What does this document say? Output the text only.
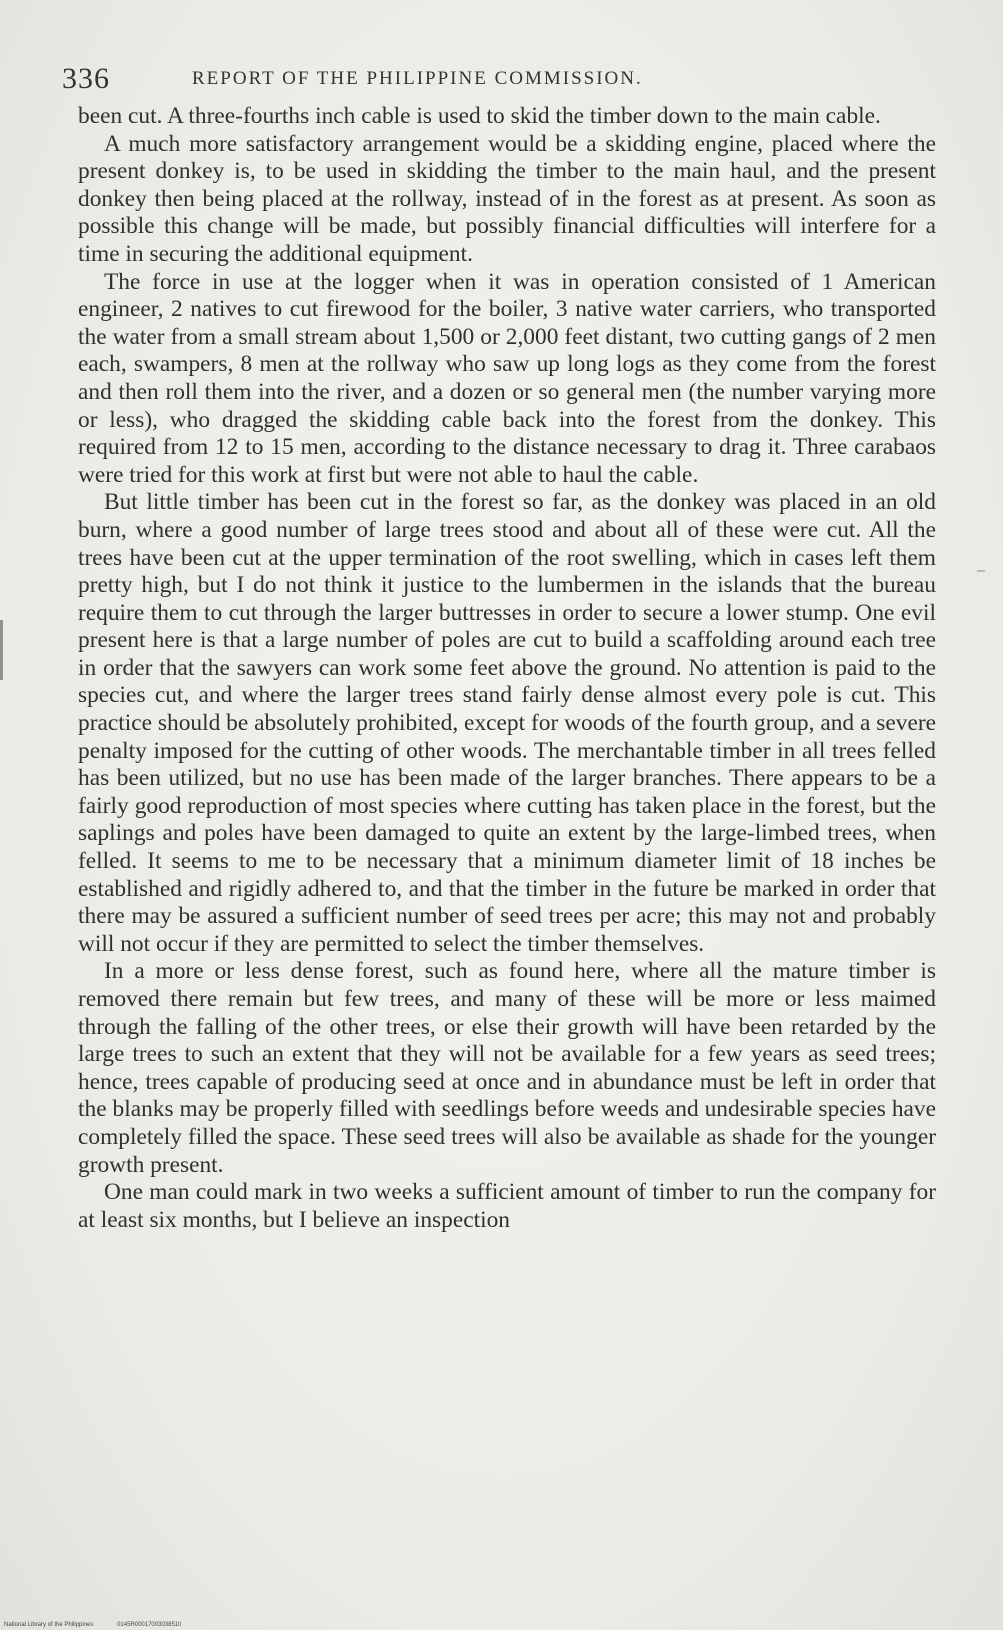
336	REPORT OF THE PHILIPPINE COMMISSION.

been cut. A three-fourths inch cable is used to skid the timber down to the main cable.

A much more satisfactory arrangement would be a skidding engine, placed where the present donkey is, to be used in skidding the timber to the main haul, and the present donkey then being placed at the rollway, instead of in the forest as at present. As soon as possible this change will be made, but possibly financial difficulties will interfere for a time in securing the additional equipment.

The force in use at the logger when it was in operation consisted of 1 American engineer, 2 natives to cut firewood for the boiler, 3 native water carriers, who transported the water from a small stream about 1,500 or 2,000 feet distant, two cutting gangs of 2 men each, swampers, 8 men at the rollway who saw up long logs as they come from the forest and then roll them into the river, and a dozen or so general men (the number varying more or less), who dragged the skidding cable back into the forest from the donkey. This required from 12 to 15 men, according to the distance necessary to drag it. Three carabaos were tried for this work at first but were not able to haul the cable.

But little timber has been cut in the forest so far, as the donkey was placed in an old burn, where a good number of large trees stood and about all of these were cut. All the trees have been cut at the upper termination of the root swelling, which in cases left them pretty high, but I do not think it justice to the lumbermen in the islands that the bureau require them to cut through the larger buttresses in order to secure a lower stump. One evil present here is that a large number of poles are cut to build a scaffolding around each tree in order that the sawyers can work some feet above the ground. No attention is paid to the species cut, and where the larger trees stand fairly dense almost every pole is cut. This practice should be absolutely prohibited, except for woods of the fourth group, and a severe penalty imposed for the cutting of other woods. The merchantable timber in all trees felled has been utilized, but no use has been made of the larger branches. There appears to be a fairly good reproduction of most species where cutting has taken place in the forest, but the saplings and poles have been damaged to quite an extent by the large-limbed trees, when felled. It seems to me to be necessary that a minimum diameter limit of 18 inches be established and rigidly adhered to, and that the timber in the future be marked in order that there may be assured a sufficient number of seed trees per acre; this may not and probably will not occur if they are permitted to select the timber themselves.

In a more or less dense forest, such as found here, where all the mature timber is removed there remain but few trees, and many of these will be more or less maimed through the falling of the other trees, or else their growth will have been retarded by the large trees to such an extent that they will not be available for a few years as seed trees; hence, trees capable of producing seed at once and in abundance must be left in order that the blanks may be properly filled with seedlings before weeds and undesirable species have completely filled the space. These seed trees will also be available as shade for the younger growth present.

One man could mark in two weeks a sufficient amount of timber to run the company for at least six months, but I believe an inspection

National Library of the Philippines	0145R0001700303851ll
